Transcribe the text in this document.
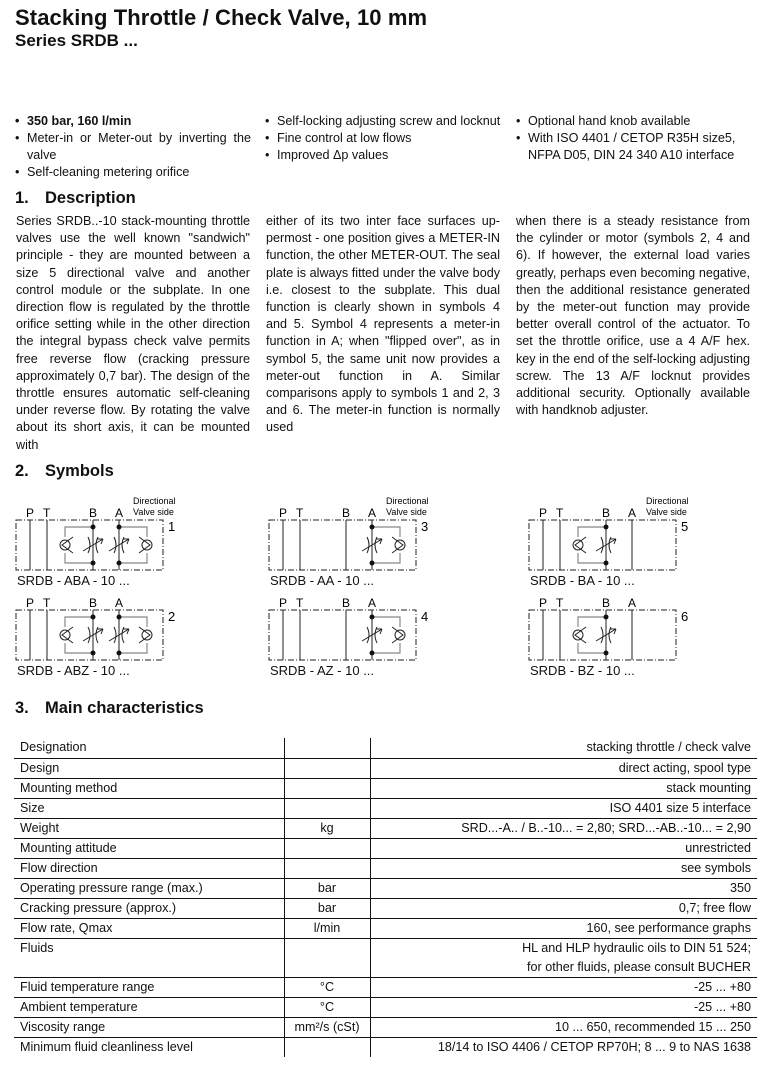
Stacking Throttle / Check Valve, 10 mm
Series SRDB ...
• 350 bar, 160 l/min
• Meter-in or Meter-out by inverting the valve
• Self-cleaning metering orifice
• Self-locking adjusting screw and locknut
• Fine control at low flows
• Improved Δp values
• Optional hand knob available
• With ISO 4401 / CETOP R35H size5, NFPA D05, DIN 24 340 A10 interface
1. Description

Series SRDB..-10 stack-mounting throttle valves use the well known "sandwich" principle - they are mounted between a size 5 directional valve and another control module or the subplate. In one direction flow is regulated by the throttle orifice setting while in the other direction the integral bypass check valve permits free reverse flow (cracking pressure approximately 0,7 bar). The design of the throttle ensures automatic self-cleaning under reverse flow. By rotating the valve about its short axis, it can be mounted with

either of its two inter face surfaces uppermost - one position gives a METER-IN function, the other METER-OUT. The seal plate is always fitted under the valve body i.e. closest to the subplate. This dual function is clearly shown in symbols 4 and 5. Symbol 4 represents a meter-in function in A; when "flipped over", as in symbol 5, the same unit now provides a meter-out function in A. Similar comparisons apply to symbols 1 and 2, 3 and 6. The meter-in function is normally used

when there is a steady resistance from the cylinder or motor (symbols 2, 4 and 6). If however, the external load varies greatly, perhaps even becoming negative, then the additional resistance generated by the meter-out function may provide better overall control of the actuator. To set the throttle orifice, use a 4 A/F hex. key in the end of the self-locking adjusting screw. The 13 A/F locknut provides additional security. Optionally available with handknob adjuster.

2. Symbols
Directional
Valve side
P T	B A
1
SRDB - ABA - 10 ...
P T	B A
2
SRDB - ABZ - 10 ...
Directional
Valve side
P T	B A
3
SRDB - AA - 10 ...
P T	B A
4
SRDB - AZ - 10 ...
Directional
Valve side
P T	B A
5
SRDB - BA - 10 ...
P T	B A
6
SRDB - BZ - 10 ...
3. Main characteristics
Designation		stacking throttle / check valve
Design		direct acting, spool type
Mounting method		stack mounting
Size		ISO 4401 size 5 interface
Weight	kg	SRD...-A.. / B..-10... = 2,80; SRD...-AB..-10... = 2,90
Mounting attitude		unrestricted
Flow direction		see symbols
Operating pressure range (max.)	bar	350
Cracking pressure (approx.)	bar	0,7; free flow
Flow rate, Qmax	l/min	160, see performance graphs
Fluids		HL and HLP hydraulic oils to DIN 51 524;
for other fluids, please consult BUCHER
Fluid temperature range	°C	-25 ... +80
Ambient temperature	°C	-25 ... +80
Viscosity range	mm²/s (cSt)	10 ... 650, recommended 15 ... 250
Minimum fluid cleanliness level		18/14 to ISO 4406 / CETOP RP70H; 8 ... 9 to NAS 1638
